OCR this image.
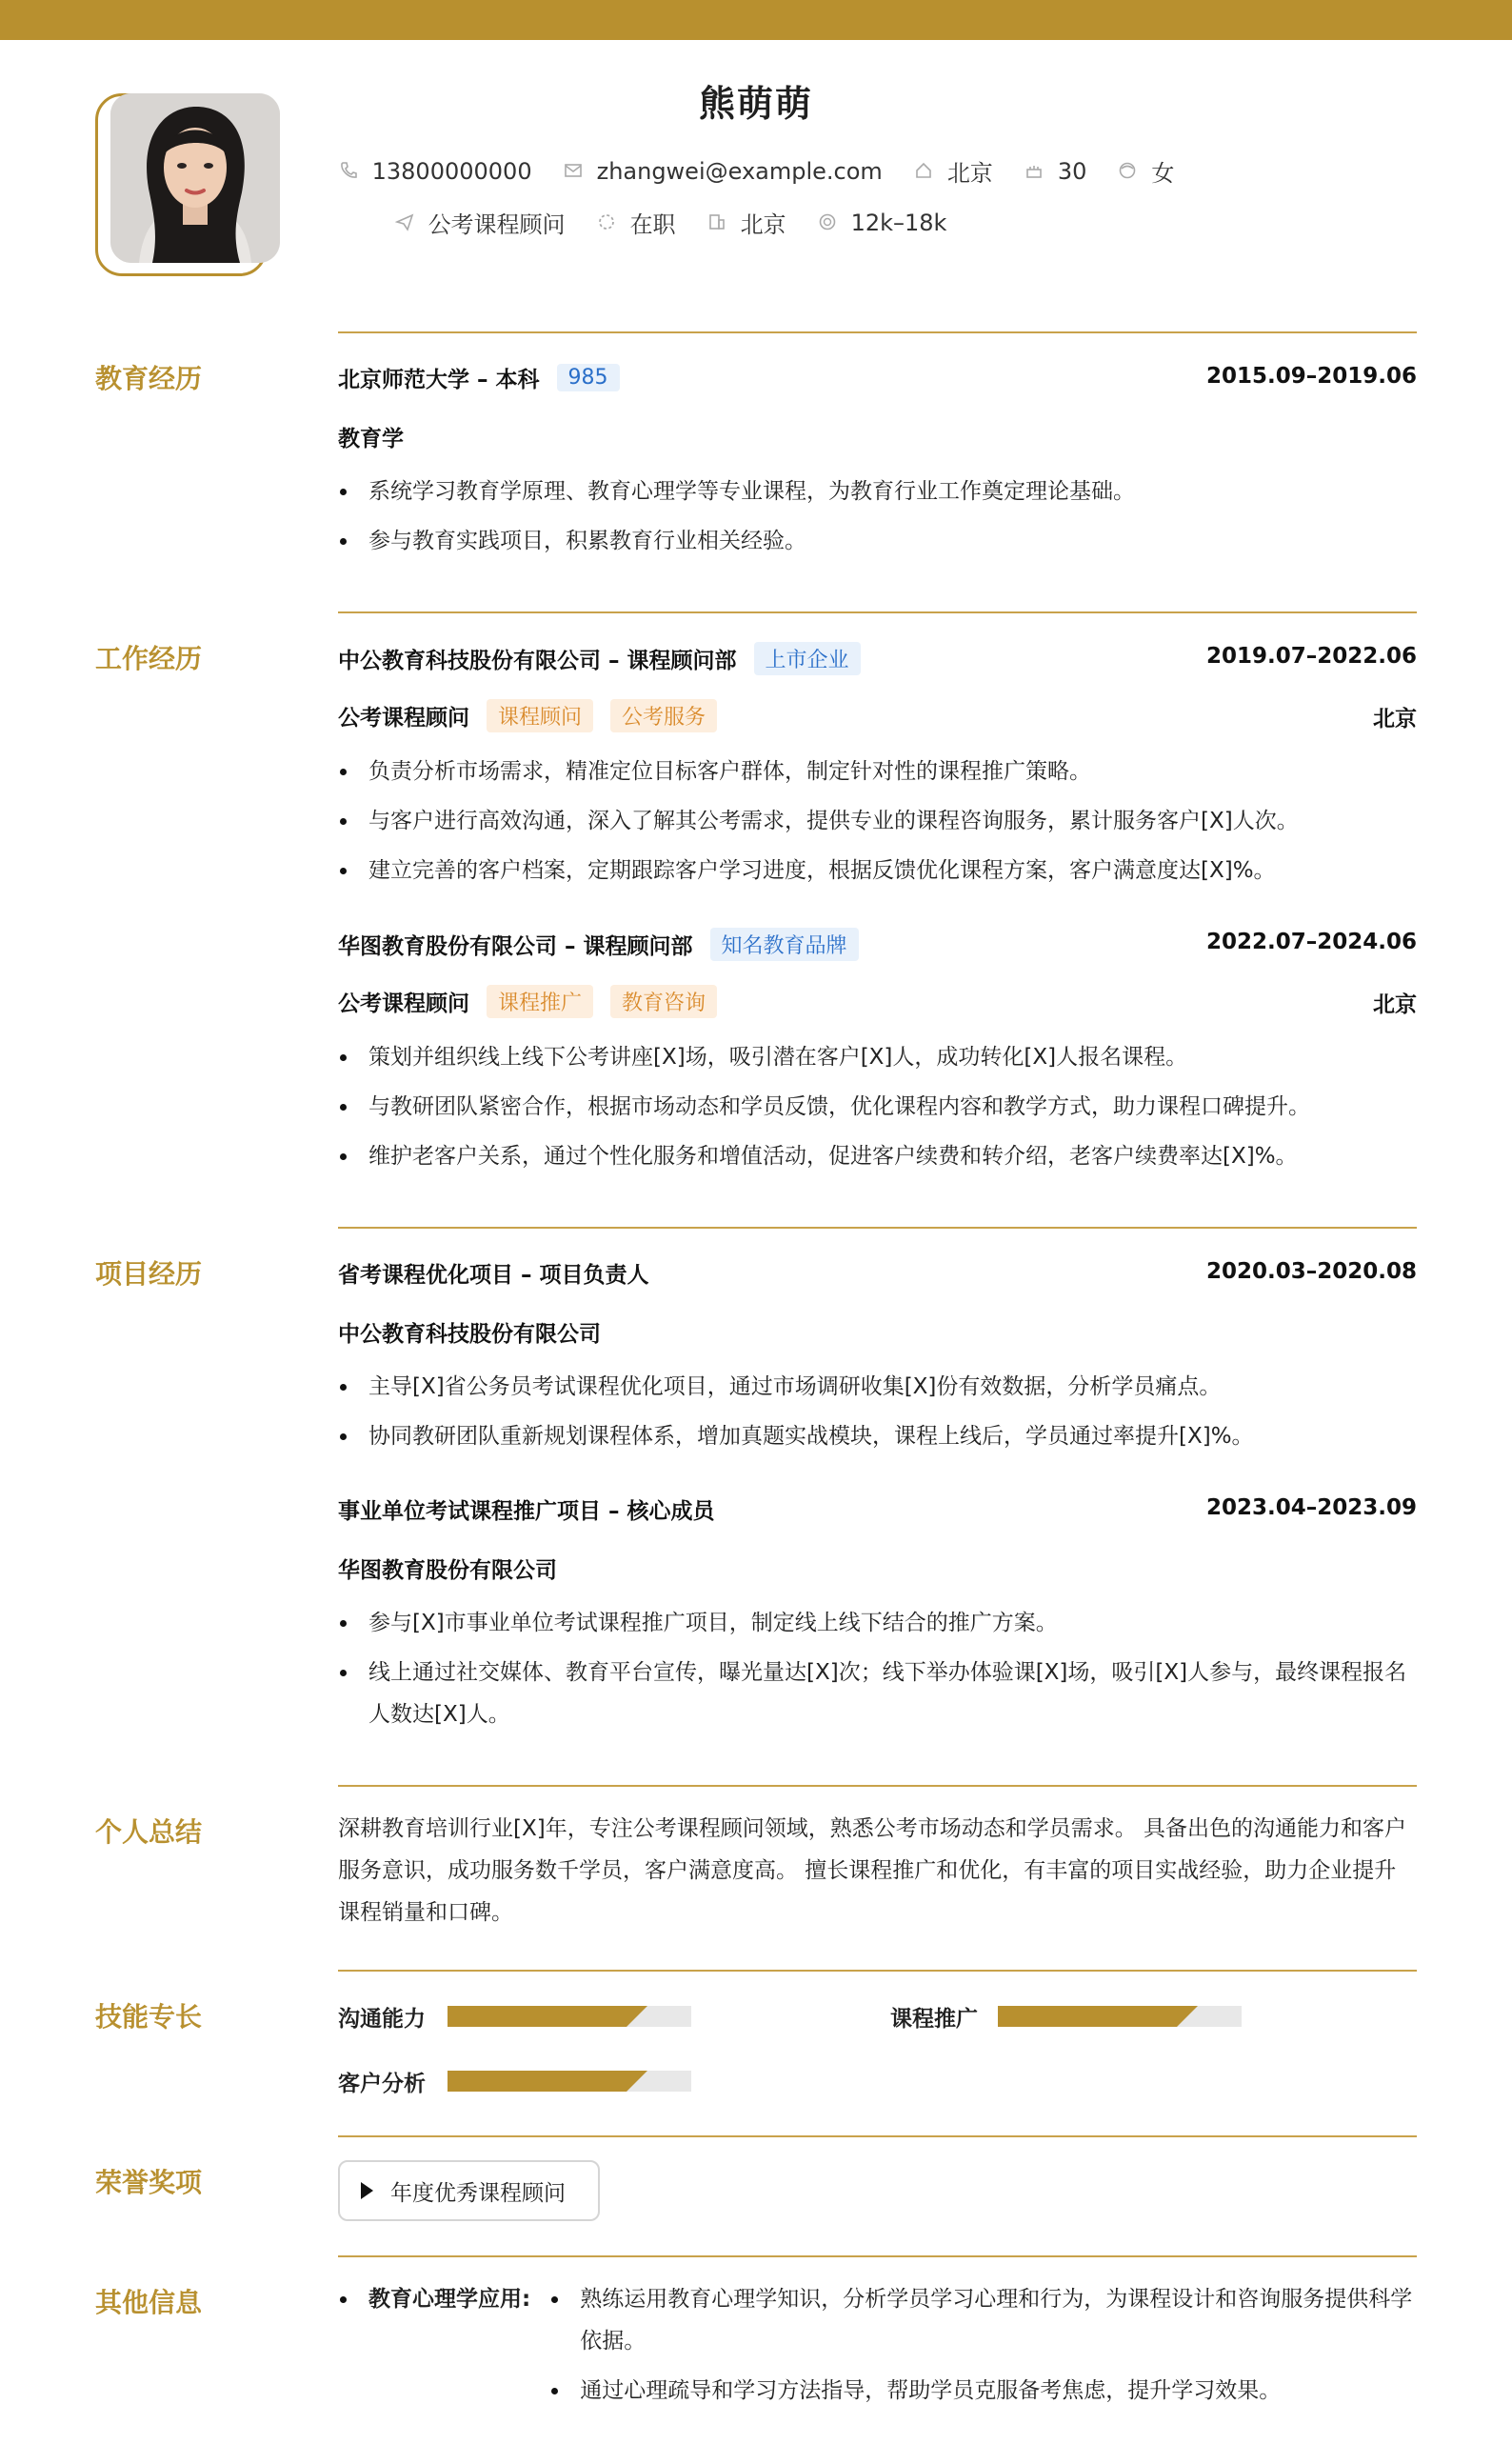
熊萌萌
13800000000	zhangwei@example.com	北京	30	女
公考课程顾问	在职	北京	12k–18k
教育经历	北京师范大学 – 本科	985	2015.09–2019.06
教育学
系统学习教育学原理、教育心理学等专业课程，为教育行业工作奠定理论基础。
参与教育实践项目，积累教育行业相关经验。
工作经历	中公教育科技股份有限公司 – 课程顾问部	上市企业	2019.07–2022.06
公考课程顾问	课程顾问	公考服务	北京
负责分析市场需求，精准定位目标客户群体，制定针对性的课程推广策略。
与客户进行高效沟通，深入了解其公考需求，提供专业的课程咨询服务，累计服务客户[X]人次。
建立完善的客户档案，定期跟踪客户学习进度，根据反馈优化课程方案，客户满意度达[X]%。
华图教育股份有限公司 – 课程顾问部	知名教育品牌	2022.07–2024.06
公考课程顾问	课程推广	教育咨询	北京
策划并组织线上线下公考讲座[X]场，吸引潜在客户[X]人，成功转化[X]人报名课程。
与教研团队紧密合作，根据市场动态和学员反馈，优化课程内容和教学方式，助力课程口碑提升。
维护老客户关系，通过个性化服务和增值活动，促进客户续费和转介绍，老客户续费率达[X]%。
项目经历	省考课程优化项目 – 项目负责人	2020.03–2020.08
中公教育科技股份有限公司
主导[X]省公务员考试课程优化项目，通过市场调研收集[X]份有效数据，分析学员痛点。
协同教研团队重新规划课程体系，增加真题实战模块，课程上线后，学员通过率提升[X]%。
事业单位考试课程推广项目 – 核心成员	2023.04–2023.09
华图教育股份有限公司
参与[X]市事业单位考试课程推广项目，制定线上线下结合的推广方案。
线上通过社交媒体、教育平台宣传，曝光量达[X]次；线下举办体验课[X]场，吸引[X]人参与，最终课程报名人数达[X]人。
个人总结	深耕教育培训行业[X]年，专注公考课程顾问领域，熟悉公考市场动态和学员需求。 具备出色的沟通能力和客户服务意识，成功服务数千学员，客户满意度高。 擅长课程推广和优化，有丰富的项目实战经验，助力企业提升课程销量和口碑。
技能专长	沟通能力	课程推广
客户分析
荣誉奖项	年度优秀课程顾问
其他信息	教育心理学应用:	熟练运用教育心理学知识，分析学员学习心理和行为，为课程设计和咨询服务提供科学依据。
通过心理疏导和学习方法指导，帮助学员克服备考焦虑，提升学习效果。
